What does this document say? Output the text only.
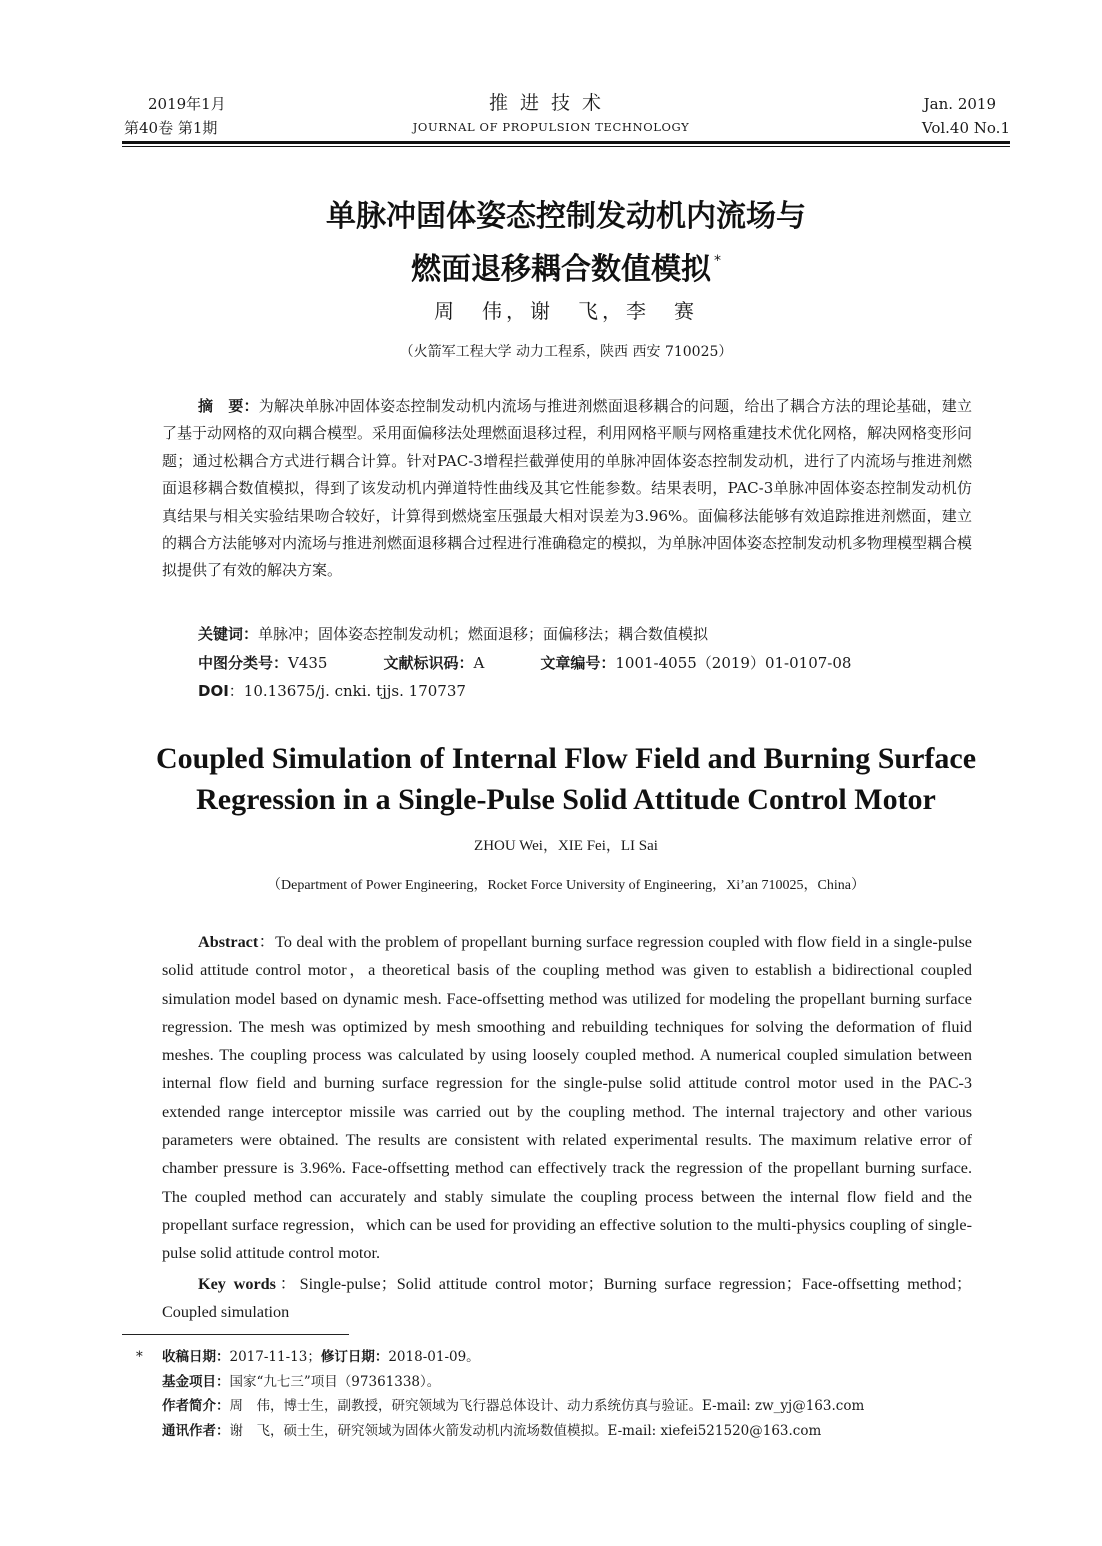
2019年1月
第40卷 第1期
推进技术
JOURNAL OF PROPULSION TECHNOLOGY
Jan. 2019
Vol.40 No.1
单脉冲固体姿态控制发动机内流场与
燃面退移耦合数值模拟 *
周　伟，谢　飞，李　赛
（火箭军工程大学 动力工程系，陕西 西安 710025）

摘　要：为解决单脉冲固体姿态控制发动机内流场与推进剂燃面退移耦合的问题，给出了耦合方法的理论基础，建立了基于动网格的双向耦合模型。采用面偏移法处理燃面退移过程，利用网格平顺与网格重建技术优化网格，解决网格变形问题；通过松耦合方式进行耦合计算。针对PAC-3增程拦截弹使用的单脉冲固体姿态控制发动机，进行了内流场与推进剂燃面退移耦合数值模拟，得到了该发动机内弹道特性曲线及其它性能参数。结果表明，PAC-3单脉冲固体姿态控制发动机仿真结果与相关实验结果吻合较好，计算得到燃烧室压强最大相对误差为3.96%。面偏移法能够有效追踪推进剂燃面，建立的耦合方法能够对内流场与推进剂燃面退移耦合过程进行准确稳定的模拟，为单脉冲固体姿态控制发动机多物理模型耦合模拟提供了有效的解决方案。

关键词：单脉冲；固体姿态控制发动机；燃面退移；面偏移法；耦合数值模拟
中图分类号：V435	文献标识码：A	文章编号：1001-4055（2019）01-0107-08
DOI：10.13675/j. cnki. tjjs. 170737
Coupled Simulation of Internal Flow Field and Burning Surface
Regression in a Single-Pulse Solid Attitude Control Motor
ZHOU Wei，XIE Fei，LI Sai
（Department of Power Engineering，Rocket Force University of Engineering，Xi’an 710025，China）

Abstract：To deal with the problem of propellant burning surface regression coupled with flow field in a single-pulse solid attitude control motor，a theoretical basis of the coupling method was given to establish a bidirectional coupled simulation model based on dynamic mesh. Face-offsetting method was utilized for modeling the propellant burning surface regression. The mesh was optimized by mesh smoothing and rebuilding techniques for solving the deformation of fluid meshes. The coupling process was calculated by using loosely coupled method. A numerical coupled simulation between internal flow field and burning surface regression for the single-pulse solid attitude control motor used in the PAC-3 extended range interceptor missile was carried out by the coupling method. The internal trajectory and other various parameters were obtained. The results are consistent with related experimental results. The maximum relative error of chamber pressure is 3.96%. Face-offsetting method can effectively track the regression of the propellant burning surface. The coupled method can accurately and stably simulate the coupling process between the internal flow field and the propellant surface regression，which can be used for providing an effective solution to the multi-physics coupling of single-pulse solid attitude control motor.

Key words：Single-pulse；Solid attitude control motor；Burning surface regression；Face-offsetting method；Coupled simulation

* 收稿日期：2017-11-13；修订日期：2018-01-09。
基金项目：国家“九七三”项目（97361338）。
作者简介：周　伟，博士生，副教授，研究领域为飞行器总体设计、动力系统仿真与验证。E-mail: zw_yj@163.com
通讯作者：谢　飞，硕士生，研究领域为固体火箭发动机内流场数值模拟。E-mail: xiefei521520@163.com
